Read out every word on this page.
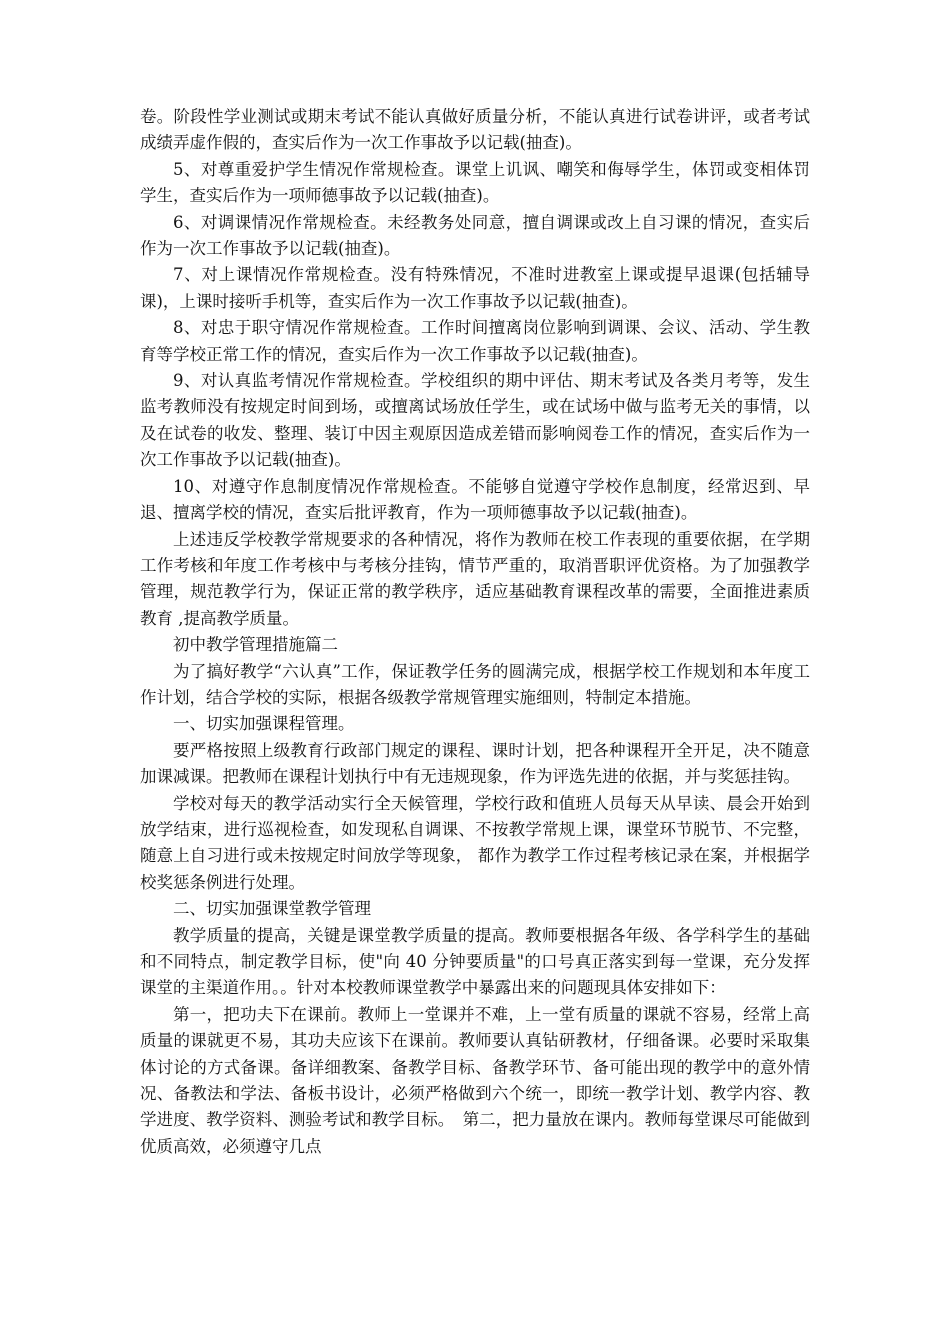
卷。阶段性学业测试或期末考试不能认真做好质量分析，不能认真进行试卷讲评，或者考试成绩弄虚作假的，查实后作为一次工作事故予以记载(抽查)。

5、对尊重爱护学生情况作常规检查。课堂上讥讽、嘲笑和侮辱学生，体罚或变相体罚学生，查实后作为一项师德事故予以记载(抽查)。

6、对调课情况作常规检查。未经教务处同意，擅自调课或改上自习课的情况，查实后作为一次工作事故予以记载(抽查)。

7、对上课情况作常规检查。没有特殊情况，不准时进教室上课或提早退课(包括辅导课)，上课时接听手机等，查实后作为一次工作事故予以记载(抽查)。

8、对忠于职守情况作常规检查。工作时间擅离岗位影响到调课、会议、活动、学生教育等学校正常工作的情况，查实后作为一次工作事故予以记载(抽查)。

9、对认真监考情况作常规检查。学校组织的期中评估、期末考试及各类月考等，发生监考教师没有按规定时间到场，或擅离试场放任学生，或在试场中做与监考无关的事情，以及在试卷的收发、整理、装订中因主观原因造成差错而影响阅卷工作的情况，查实后作为一次工作事故予以记载(抽查)。

10、对遵守作息制度情况作常规检查。不能够自觉遵守学校作息制度，经常迟到、早退、擅离学校的情况，查实后批评教育，作为一项师德事故予以记载(抽查)。

上述违反学校教学常规要求的各种情况，将作为教师在校工作表现的重要依据，在学期工作考核和年度工作考核中与考核分挂钩，情节严重的，取消晋职评优资格。为了加强教学管理，规范教学行为，保证正常的教学秩序，适应基础教育课程改革的需要，全面推进素质教育 ,提高教学质量。

初中教学管理措施篇二

为了搞好教学“六认真”工作，保证教学任务的圆满完成，根据学校工作规划和本年度工作计划，结合学校的实际，根据各级教学常规管理实施细则，特制定本措施。

一、切实加强课程管理。

要严格按照上级教育行政部门规定的课程、课时计划，把各种课程开全开足，决不随意加课减课。把教师在课程计划执行中有无违规现象，作为评选先进的依据，并与奖惩挂钩。

学校对每天的教学活动实行全天候管理，学校行政和值班人员每天从早读、晨会开始到放学结束，进行巡视检查，如发现私自调课、不按教学常规上课，课堂环节脱节、不完整，随意上自习进行或未按规定时间放学等现象， 都作为教学工作过程考核记录在案，并根据学校奖惩条例进行处理。

二、切实加强课堂教学管理

教学质量的提高，关键是课堂教学质量的提高。教师要根据各年级、各学科学生的基础和不同特点，制定教学目标，使"向 40 分钟要质量"的口号真正落实到每一堂课，充分发挥课堂的主渠道作用。。针对本校教师课堂教学中暴露出来的问题现具体安排如下：

第一，把功夫下在课前。教师上一堂课并不难，上一堂有质量的课就不容易，经常上高质量的课就更不易，其功夫应该下在课前。教师要认真钻研教材，仔细备课。必要时采取集体讨论的方式备课。备详细教案、备教学目标、备教学环节、备可能出现的教学中的意外情况、备教法和学法、备板书设计，必须严格做到六个统一，即统一教学计划、教学内容、教学进度、教学资料、测验考试和教学目标。　第二，把力量放在课内。教师每堂课尽可能做到优质高效，必须遵守几点
